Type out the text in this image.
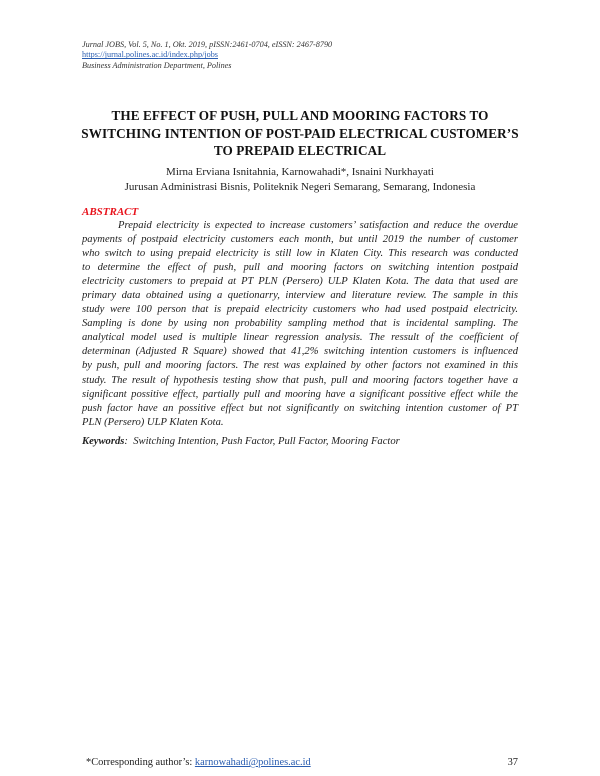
Jurnal JOBS, Vol. 5, No. 1, Okt. 2019, pISSN:2461-0704, eISSN: 2467-8790
https://jurnal.polines.ac.id/index.php/jobs
Business Administration Department, Polines
THE EFFECT OF PUSH, PULL AND MOORING FACTORS TO
SWITCHING INTENTION OF POST-PAID ELECTRICAL CUSTOMER’S
TO PREPAID ELECTRICAL
Mirna Erviana Isnitahnia, Karnowahadi*, Isnaini Nurkhayati
Jurusan Administrasi Bisnis, Politeknik Negeri Semarang, Semarang, Indonesia
ABSTRACT
Prepaid electricity is expected to increase customers’ satisfaction and reduce the overdue
payments of postpaid electricity customers each month, but until 2019 the number of customer
who switch to using prepaid electricity is still low in Klaten City. This research was conducted
to determine the effect of push, pull and mooring factors on switching intention postpaid
electricity customers to prepaid at PT PLN (Persero) ULP Klaten Kota. The data that used are
primary data obtained using a quetionarry, interview and literature review. The sample in this
study were 100 person that is prepaid electricity customers who had used postpaid electricity.
Sampling is done by using non probability sampling method that is incidental sampling. The
analytical model used is multiple linear regression analysis. The ressult of the coefficient of
determinan (Adjusted R Square) showed that 41,2% switching intention customers is influenced
by push, pull and mooring factors. The rest was explained by other factors not examined in this
study. The result of hypothesis testing show that push, pull and mooring factors together have a
significant possitive effect, partially pull and mooring have a significant possitive effect while the
push factor have an possitive effect but not significantly on switching intention customer of PT
PLN (Persero) ULP Klaten Kota.
Keywords: Switching Intention, Push Factor, Pull Factor, Mooring Factor
*Corresponding author’s: karnowahadi@polines.ac.id	37
